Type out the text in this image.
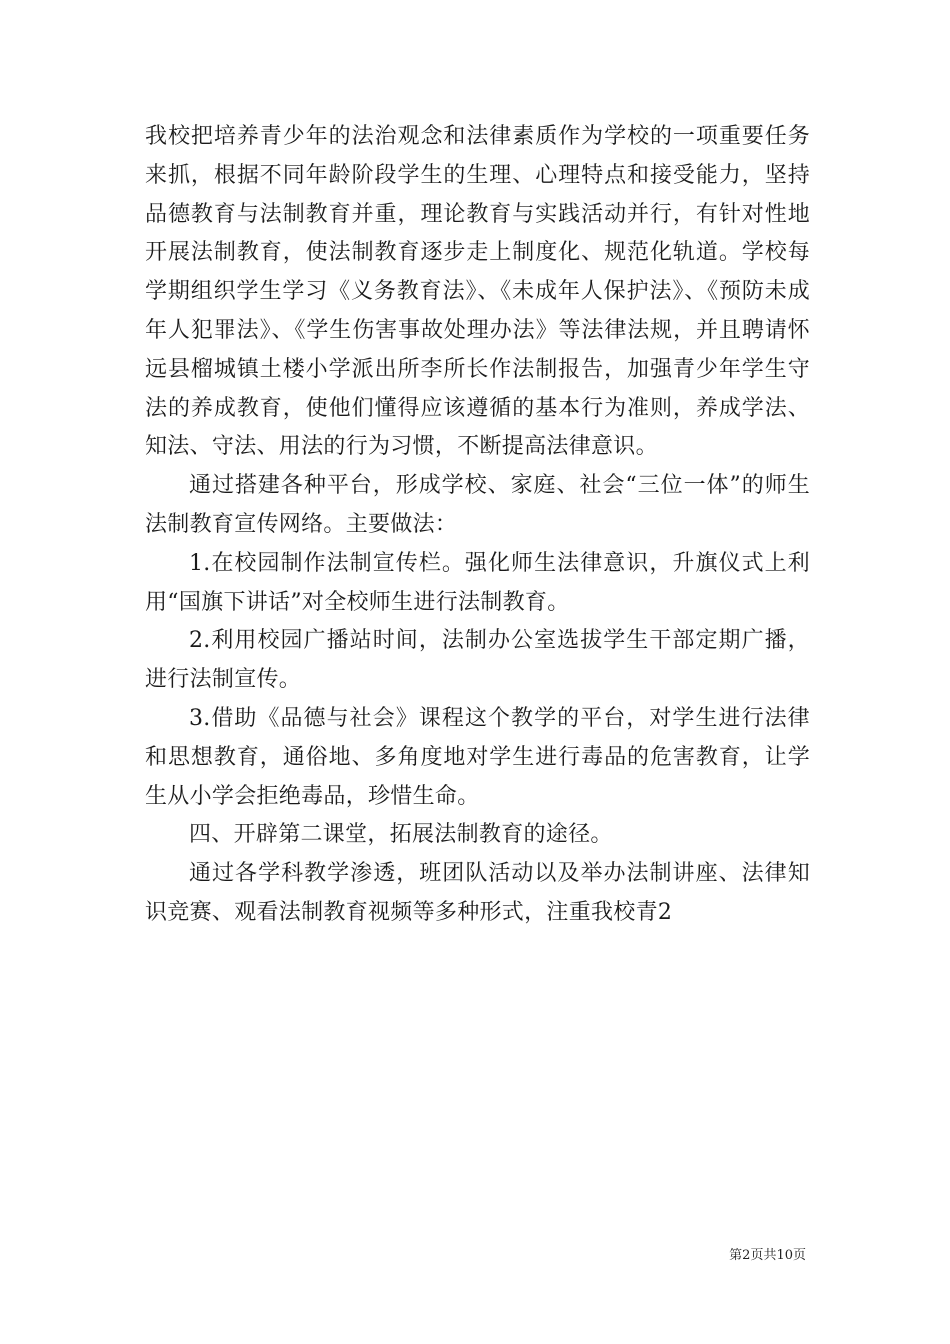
我校把培养青少年的法治观念和法律素质作为学校的一项重要任务来抓，根据不同年龄阶段学生的生理、心理特点和接受能力，坚持品德教育与法制教育并重，理论教育与实践活动并行，有针对性地开展法制教育，使法制教育逐步走上制度化、规范化轨道。学校每学期组织学生学习《义务教育法》、《未成年人保护法》、《预防未成年人犯罪法》、《学生伤害事故处理办法》等法律法规，并且聘请怀远县榴城镇土楼小学派出所李所长作法制报告，加强青少年学生守法的养成教育，使他们懂得应该遵循的基本行为准则，养成学法、知法、守法、用法的行为习惯，不断提高法律意识。

通过搭建各种平台，形成学校、家庭、社会“三位一体”的师生法制教育宣传网络。主要做法：

1.在校园制作法制宣传栏。强化师生法律意识，升旗仪式上利用“国旗下讲话”对全校师生进行法制教育。

2.利用校园广播站时间，法制办公室选拔学生干部定期广播，进行法制宣传。

3.借助《品德与社会》课程这个教学的平台，对学生进行法律和思想教育，通俗地、多角度地对学生进行毒品的危害教育，让学生从小学会拒绝毒品，珍惜生命。

四、开辟第二课堂，拓展法制教育的途径。

通过各学科教学渗透，班团队活动以及举办法制讲座、法律知识竞赛、观看法制教育视频等多种形式，注重我校青2

第2页共10页
